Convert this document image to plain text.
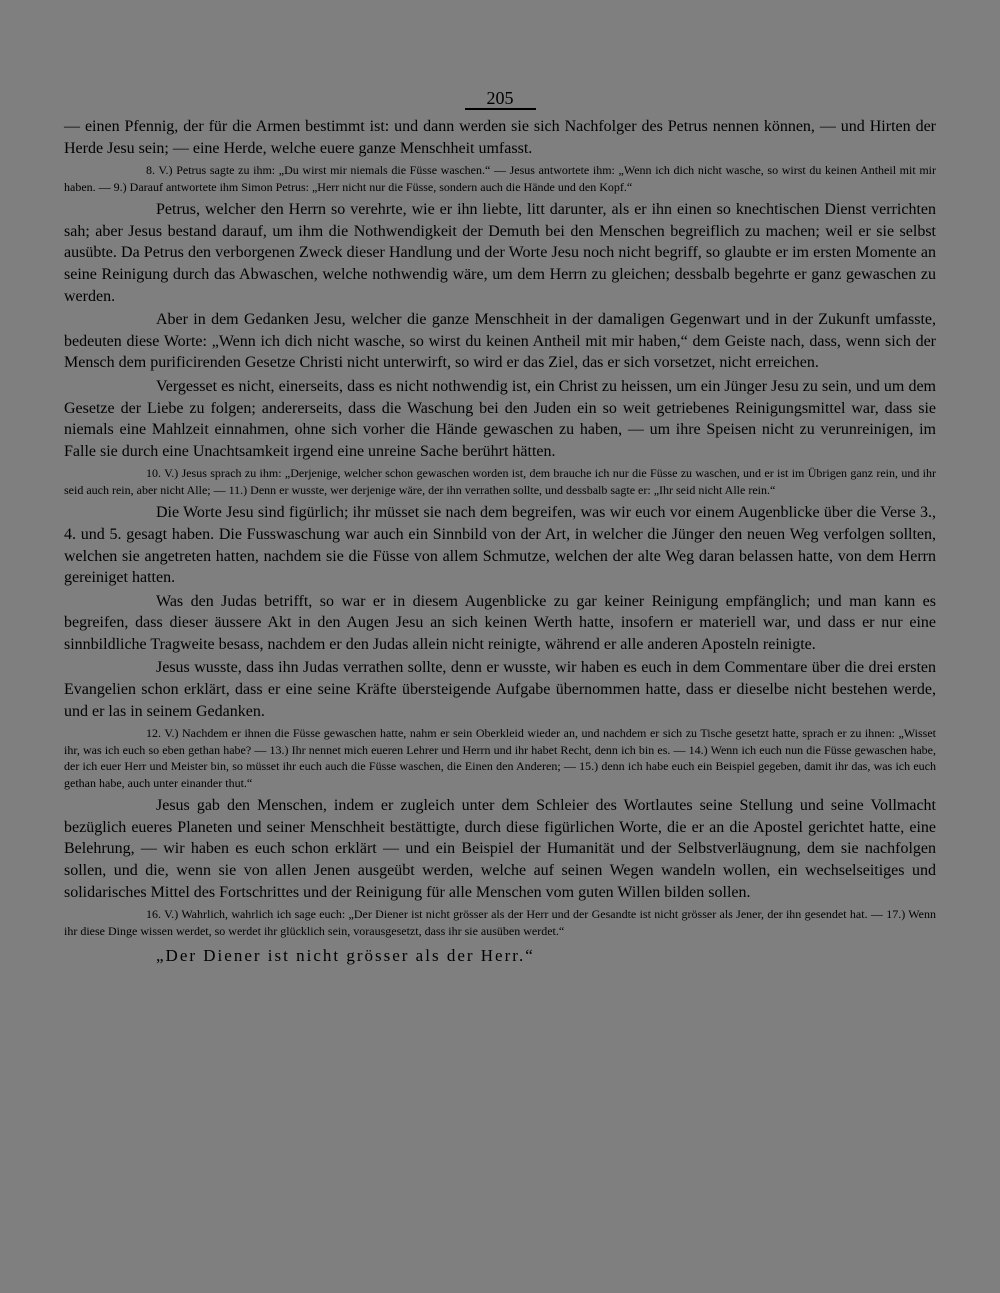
205

— einen Pfennig, der für die Armen bestimmt ist: und dann werden sie sich Nachfolger des Petrus nennen können, — und Hirten der Herde Jesu sein; — eine Herde, welche euere ganze Menschheit umfasst.

8. V.) Petrus sagte zu ihm: „Du wirst mir niemals die Füsse waschen.“ — Jesus antwortete ihm: „Wenn ich dich nicht wasche, so wirst du keinen Antheil mit mir haben. — 9.) Darauf antwortete ihm Simon Petrus: „Herr nicht nur die Füsse, sondern auch die Hände und den Kopf.“

Petrus, welcher den Herrn so verehrte, wie er ihn liebte, litt darunter, als er ihn einen so knechtischen Dienst verrichten sah; aber Jesus bestand darauf, um ihm die Nothwendigkeit der Demuth bei den Menschen begreiflich zu machen; weil er sie selbst ausübte. Da Petrus den verborgenen Zweck dieser Handlung und der Worte Jesu noch nicht begriff, so glaubte er im ersten Momente an seine Reinigung durch das Abwaschen, welche nothwendig wäre, um dem Herrn zu gleichen; dessbalb begehrte er ganz gewaschen zu werden.

Aber in dem Gedanken Jesu, welcher die ganze Menschheit in der damaligen Gegenwart und in der Zukunft umfasste, bedeuten diese Worte: „Wenn ich dich nicht wasche, so wirst du keinen Antheil mit mir haben,“ dem Geiste nach, dass, wenn sich der Mensch dem purificirenden Gesetze Christi nicht unterwirft, so wird er das Ziel, das er sich vorsetzet, nicht erreichen.

Vergesset es nicht, einerseits, dass es nicht nothwendig ist, ein Christ zu heissen, um ein Jünger Jesu zu sein, und um dem Gesetze der Liebe zu folgen; andererseits, dass die Waschung bei den Juden ein so weit getriebenes Reinigungsmittel war, dass sie niemals eine Mahlzeit einnahmen, ohne sich vorher die Hände gewaschen zu haben, — um ihre Speisen nicht zu verunreinigen, im Falle sie durch eine Unachtsamkeit irgend eine unreine Sache berührt hätten.

10. V.) Jesus sprach zu ihm: „Derjenige, welcher schon gewaschen worden ist, dem brauche ich nur die Füsse zu waschen, und er ist im Übrigen ganz rein, und ihr seid auch rein, aber nicht Alle; — 11.) Denn er wusste, wer derjenige wäre, der ihn verrathen sollte, und dessbalb sagte er: „Ihr seid nicht Alle rein.“

Die Worte Jesu sind figürlich; ihr müsset sie nach dem begreifen, was wir euch vor einem Augenblicke über die Verse 3., 4. und 5. gesagt haben. Die Fusswaschung war auch ein Sinnbild von der Art, in welcher die Jünger den neuen Weg verfolgen sollten, welchen sie angetreten hatten, nachdem sie die Füsse von allem Schmutze, welchen der alte Weg daran belassen hatte, von dem Herrn gereiniget hatten.

Was den Judas betrifft, so war er in diesem Augenblicke zu gar keiner Reinigung empfänglich; und man kann es begreifen, dass dieser äussere Akt in den Augen Jesu an sich keinen Werth hatte, insofern er materiell war, und dass er nur eine sinnbildliche Tragweite besass, nachdem er den Judas allein nicht reinigte, während er alle anderen Aposteln reinigte.

Jesus wusste, dass ihn Judas verrathen sollte, denn er wusste, wir haben es euch in dem Commentare über die drei ersten Evangelien schon erklärt, dass er eine seine Kräfte übersteigende Aufgabe übernommen hatte, dass er dieselbe nicht bestehen werde, und er las in seinem Gedanken.

12. V.) Nachdem er ihnen die Füsse gewaschen hatte, nahm er sein Oberkleid wieder an, und nachdem er sich zu Tische gesetzt hatte, sprach er zu ihnen: „Wisset ihr, was ich euch so eben gethan habe? — 13.) Ihr nennet mich eueren Lehrer und Herrn und ihr habet Recht, denn ich bin es. — 14.) Wenn ich euch nun die Füsse gewaschen habe, der ich euer Herr und Meister bin, so müsset ihr euch auch die Füsse waschen, die Einen den Anderen; — 15.) denn ich habe euch ein Beispiel gegeben, damit ihr das, was ich euch gethan habe, auch unter einander thut.“

Jesus gab den Menschen, indem er zugleich unter dem Schleier des Wortlautes seine Stellung und seine Vollmacht bezüglich eueres Planeten und seiner Menschheit bestättigte, durch diese figürlichen Worte, die er an die Apostel gerichtet hatte, eine Belehrung, — wir haben es euch schon erklärt — und ein Beispiel der Humanität und der Selbstverläugnung, dem sie nachfolgen sollen, und die, wenn sie von allen Jenen ausgeübt werden, welche auf seinen Wegen wandeln wollen, ein wechselseitiges und solidarisches Mittel des Fortschrittes und der Reinigung für alle Menschen vom guten Willen bilden sollen.

16. V.) Wahrlich, wahrlich ich sage euch: „Der Diener ist nicht grösser als der Herr und der Gesandte ist nicht grösser als Jener, der ihn gesendet hat. — 17.) Wenn ihr diese Dinge wissen werdet, so werdet ihr glücklich sein, vorausgesetzt, dass ihr sie ausüben werdet.“

„Der Diener ist nicht grösser als der Herr.“
